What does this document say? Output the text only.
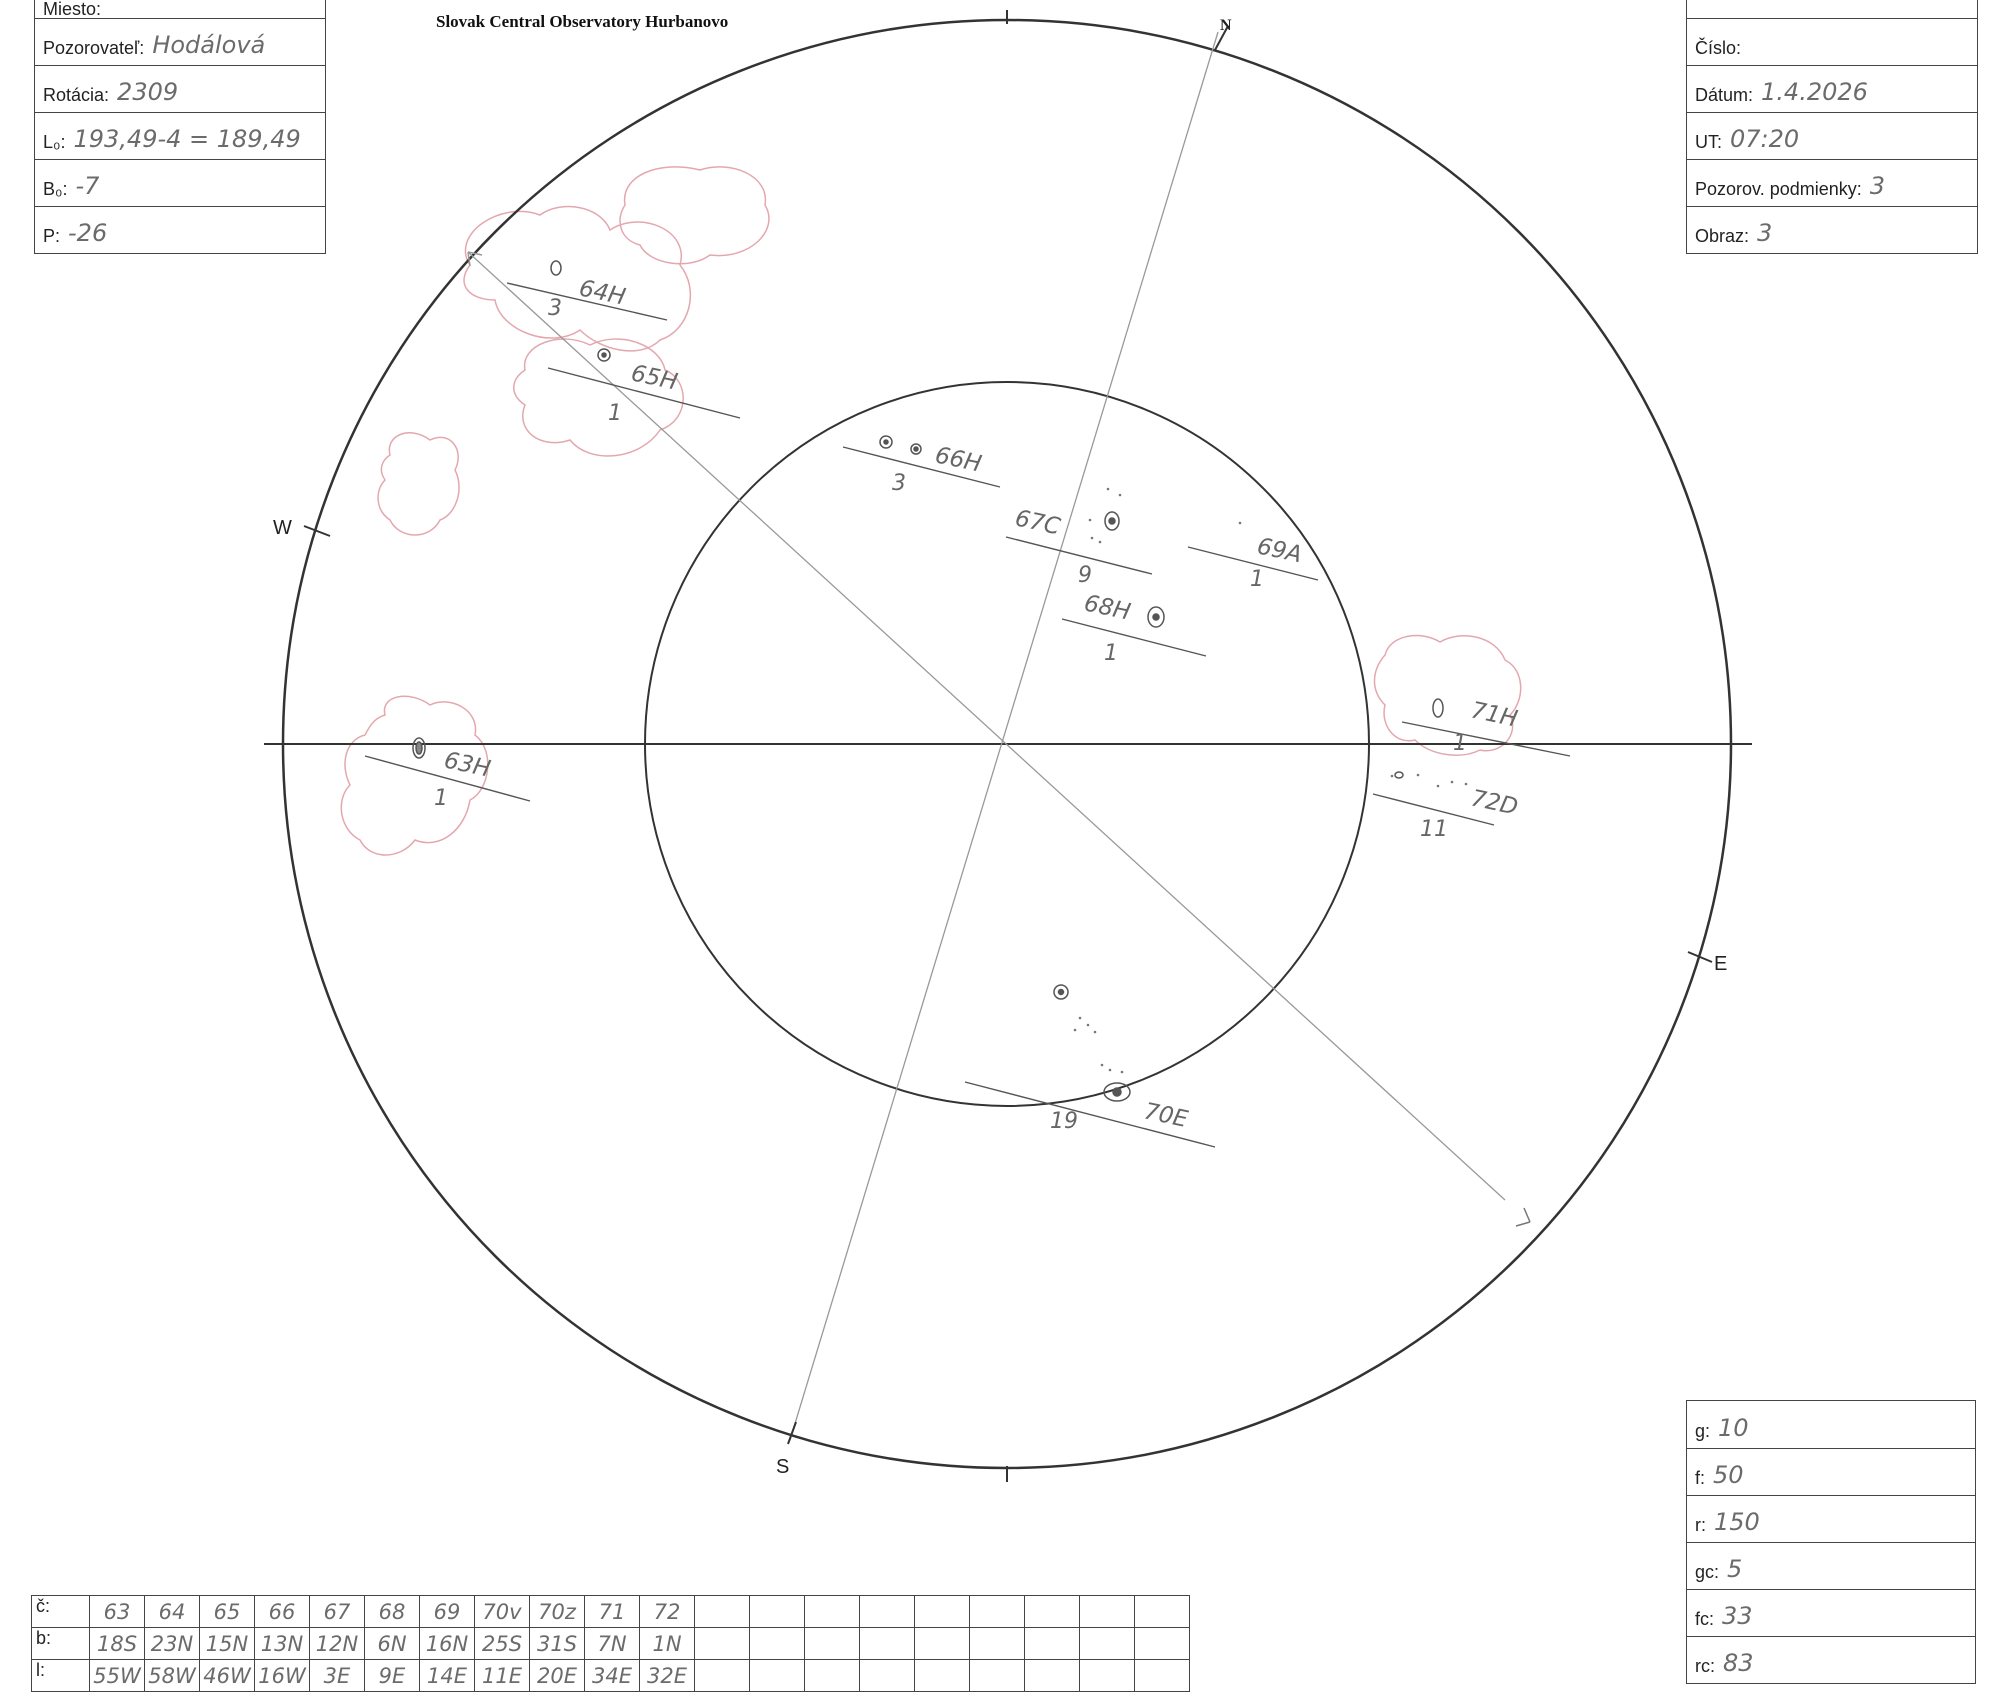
Slovak Central Observatory Hurbanovo
Miesto:
Pozorovateľ: Hodálová
Rotácia: 2309
L₀: 193,49-4 = 189,49
B₀: -7
P: -26
Číslo:
Dátum: 1.4.2026
UT: 07:20
Pozorov. podmienky: 3
Obraz: 3
g: 10
f: 50
r: 150
gc: 5
fc: 33
rc: 83
N
S
W
E
64H
3
65H
1
66H
3
67C
9
68H
1
69A
1
63H
1
71H
1
72D
11
70E
19
č:	63	64	65	66	67	68	69	70v	70z	71	72									
b:	18S	23N	15N	13N	12N	6N	16N	25S	31S	7N	1N									
l:	55W	58W	46W	16W	3E	9E	14E	11E	20E	34E	32E									
